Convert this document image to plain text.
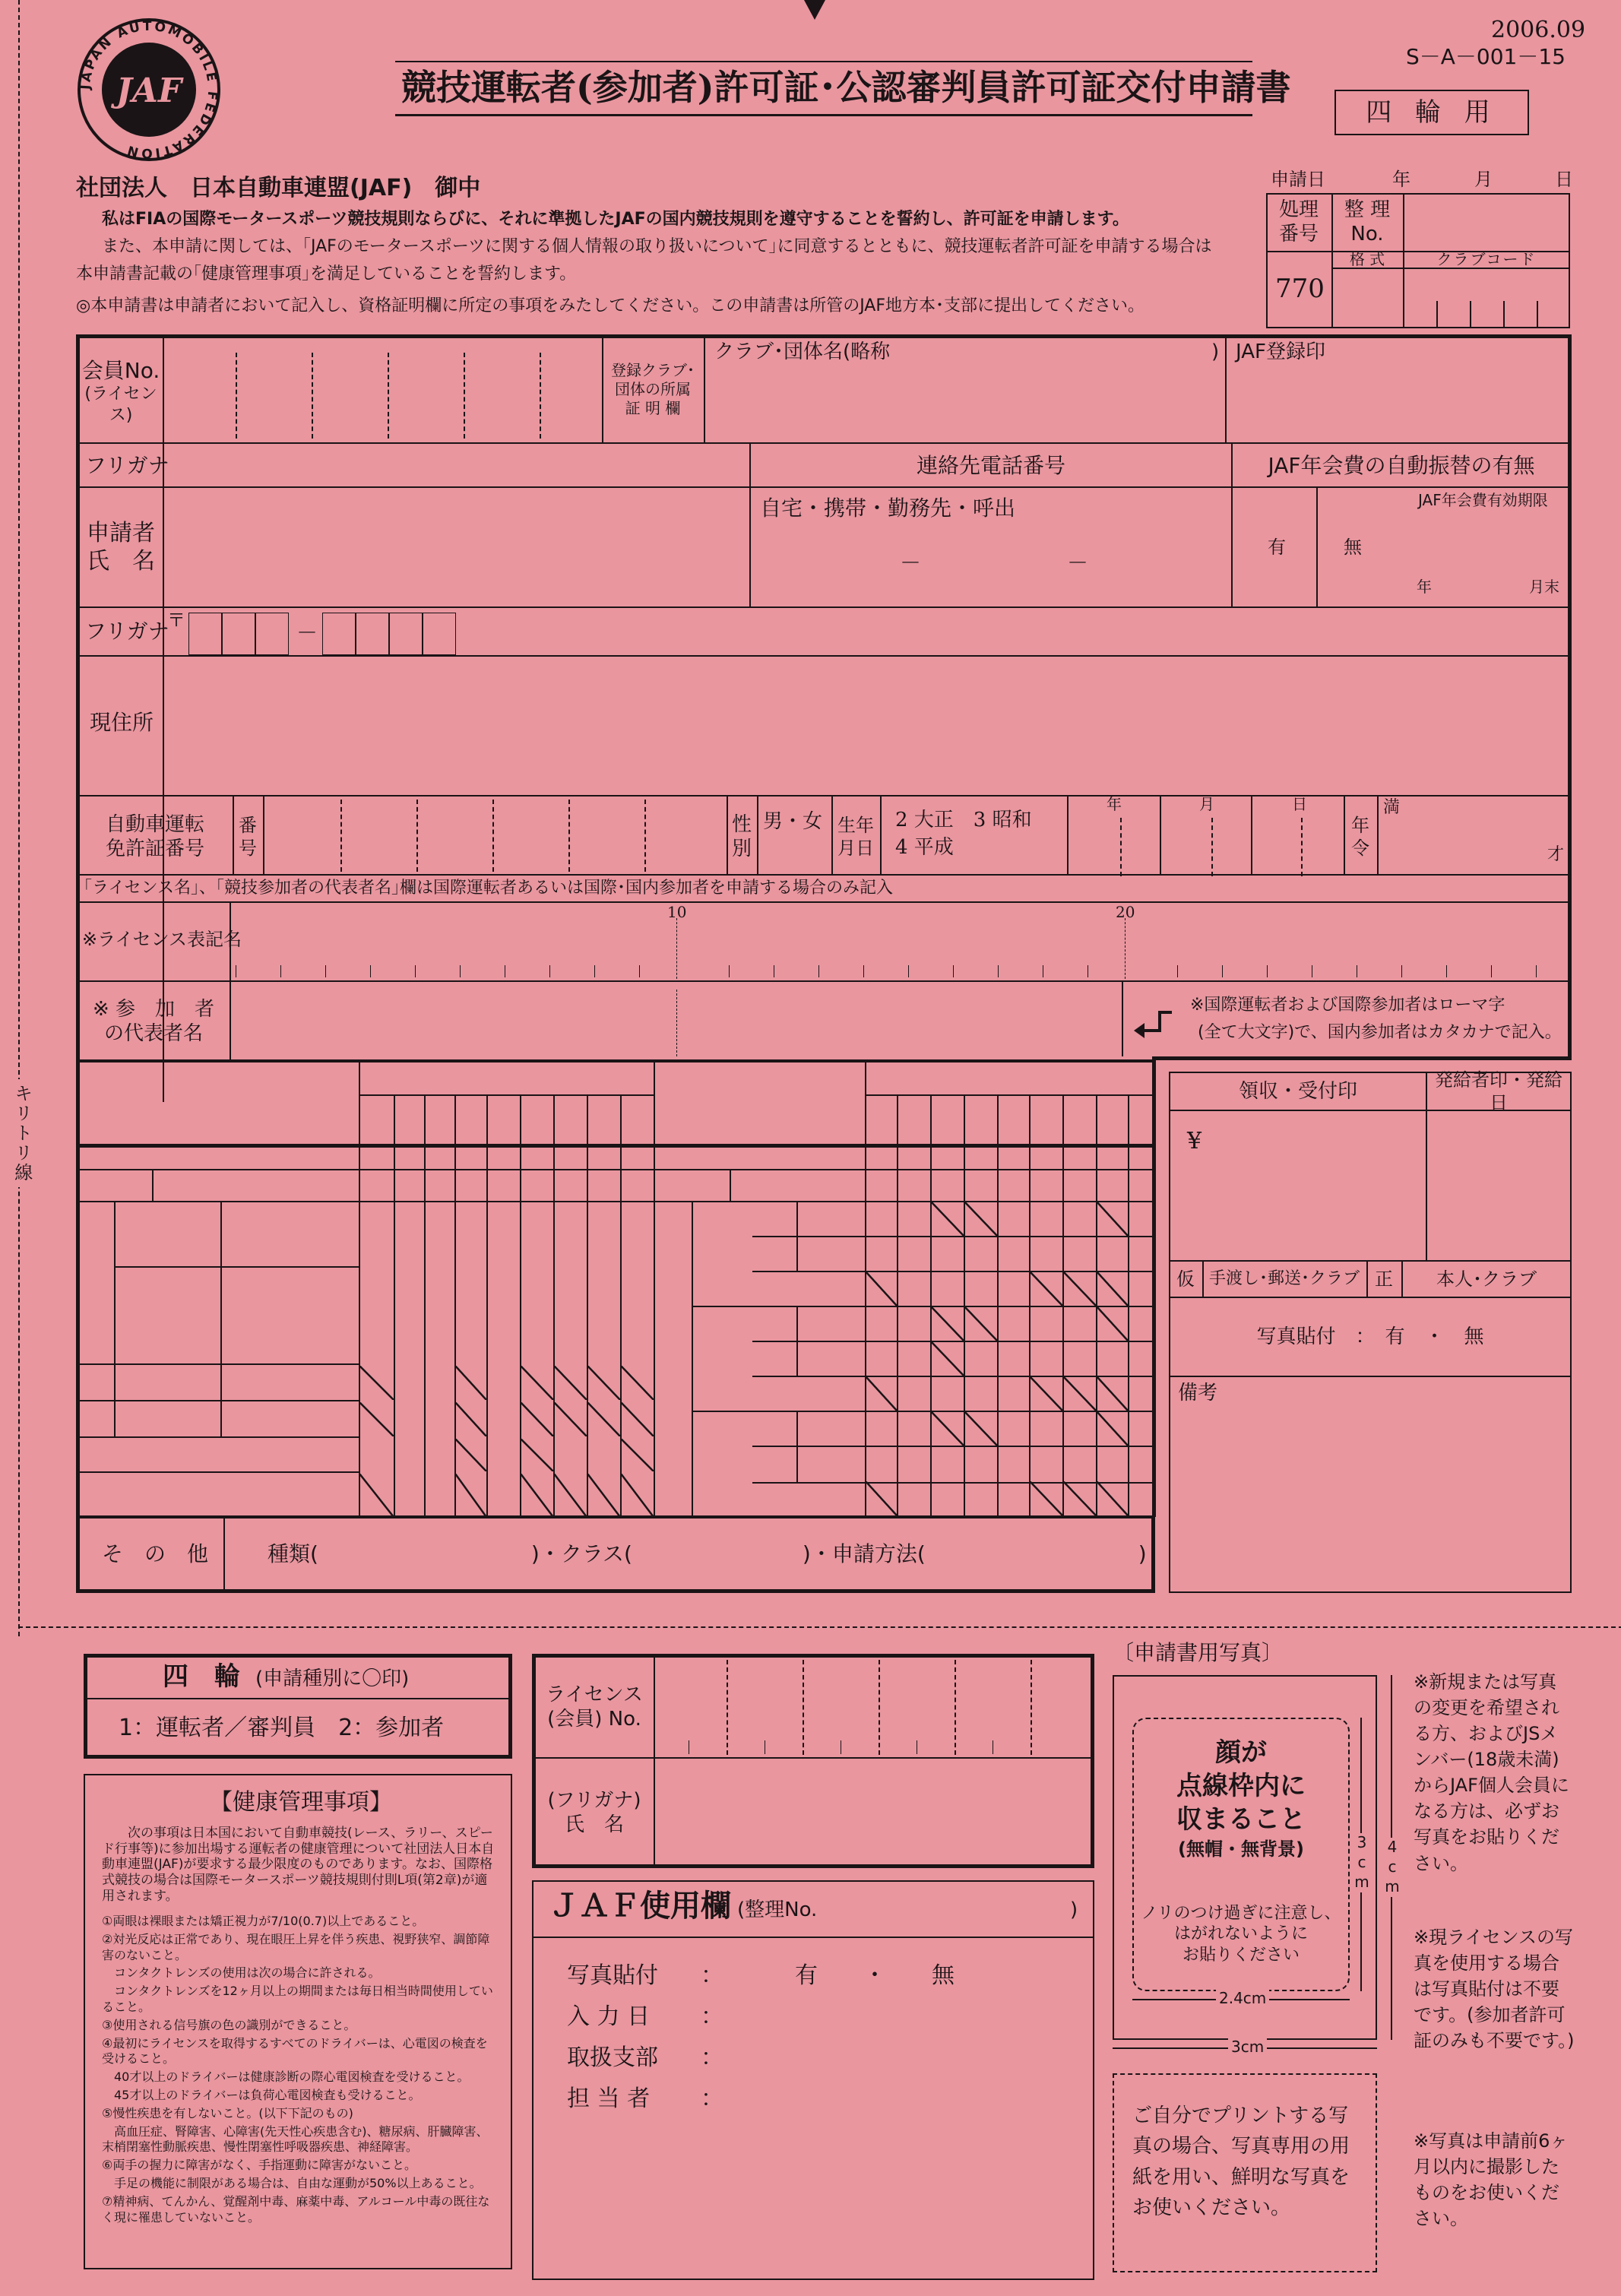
JAF
JAPAN AUTOMOBILE FEDERATION
2006.09
S－A－001－15
競技運転者(参加者)許可証･公認審判員許可証交付申請書
四 輪 用
社団法人　日本自動車連盟(JAF)　御中
私はFIAの国際モータースポーツ競技規則ならびに、それに準拠したJAFの国内競技規則を遵守することを誓約し、許可証を申請します。
また、本申請に関しては、｢JAFのモータースポーツに関する個人情報の取り扱いについて｣に同意するとともに、競技運転者許可証を申請する場合は
本申請書記載の｢健康管理事項｣を満足していることを誓約します。
◎本申請書は申請者において記入し、資格証明欄に所定の事項をみたしてください。この申請書は所管のJAF地方本･支部に提出してください。
申請日	年	月	日
処理
番号
整 理
No.
格 式	クラブコード
770
会員No.
(ライセンス)
登録クラブ･
団体の所属
証 明 欄
クラブ･団体名(略称	) JAF登録印
フリガナ	連絡先電話番号	JAF年会費の自動振替の有無
申請者
氏　名
自宅・携帯・勤務先・呼出
－	－
JAF年会費有効期限
有	無
年	月末
フリガナ
〒	－
現住所
自動車運転
免許証番号
番
号
性
別
男・女 生年
月日
2 大正　3 昭和
4 平成
年	月	日
年
令
満
才
｢ライセンス名｣、｢競技参加者の代表者名｣欄は国際運転者あるいは国際･国内参加者を申請する場合のみ記入
※ライセンス表記名
10	20
※ 参　加　者
の代表者名
※国際運転者および国際参加者はローマ字
(全て大文字)で、国内参加者はカタカナで記入。
そ　の　他	種類(　　　　　　　　　　)・クラス(　　　　　　　　)・申請方法(　　　　　　　　　　)
領収・受付印	発給者印・発給日
¥
仮 手渡し･郵送･クラブ 正	本人･クラブ
写真貼付　：　有　・　無
備考
キリトリ線
四　輪 (申請種別に〇印)
1：運転者／審判員　2：参加者
ライセンス
(会員) No.
(フリガナ)
氏　名
【健康管理事項】
次の事項は日本国において自動車競技(レース、ラリー、スピード行事等)に参加出場する運転者の健康管理について社団法人日本自動車連盟(JAF)が要求する最少限度のものであります。なお、国際格式競技の場合は国際モータースポーツ競技規則付則L項(第2章)が適用されます。
①両眼は裸眼または矯正視力が7/10(0.7)以上であること。
②対光反応は正常であり、現在眼圧上昇を伴う疾患、視野狭窄、調節障害のないこと。
　コンタクトレンズの使用は次の場合に許される。
　コンタクトレンズを12ヶ月以上の期間または毎日相当時間使用していること。
③使用される信号旗の色の識別ができること。
④最初にライセンスを取得するすべてのドライバーは、心電図の検査を受けること。
　40才以上のドライバーは健康診断の際心電図検査を受けること。
　45才以上のドライバーは負荷心電図検査も受けること。
⑤慢性疾患を有しないこと。(以下下記のもの)
　高血圧症、腎障害、心障害(先天性心疾患含む)、糖尿病、肝臓障害、末梢閉塞性動脈疾患、慢性閉塞性呼吸器疾患、神経障害。
⑥両手の握力に障害がなく、手指運動に障害がないこと。
　手足の機能に制限がある場合は、自由な運動が50%以上あること。
⑦精神病、てんかん、覚醒剤中毒、麻薬中毒、アルコール中毒の既往なく現に罹患していないこと。
ＪＡＦ使用欄 (整理No.	)
写真貼付 ：	有　　・　　無
入 力 日 ：
取扱支部 ：
担 当 者 ：
〔申請書用写真〕
顔が
点線枠内に
収まること
(無帽・無背景)
ノリのつけ過ぎに注意し、
はがれないように
お貼りください
3cm 4cm
2.4cm
3cm
ご自分でプリントする写真の場合、写真専用の用紙を用い、鮮明な写真をお使いください。
※新規または写真の変更を希望される方、およびJSメンバー(18歳未満)からJAF個人会員になる方は、必ずお写真をお貼りください。
※現ライセンスの写真を使用する場合は写真貼付は不要です。(参加者許可証のみも不要です。)
※写真は申請前6ヶ月以内に撮影したものをお使いください。
